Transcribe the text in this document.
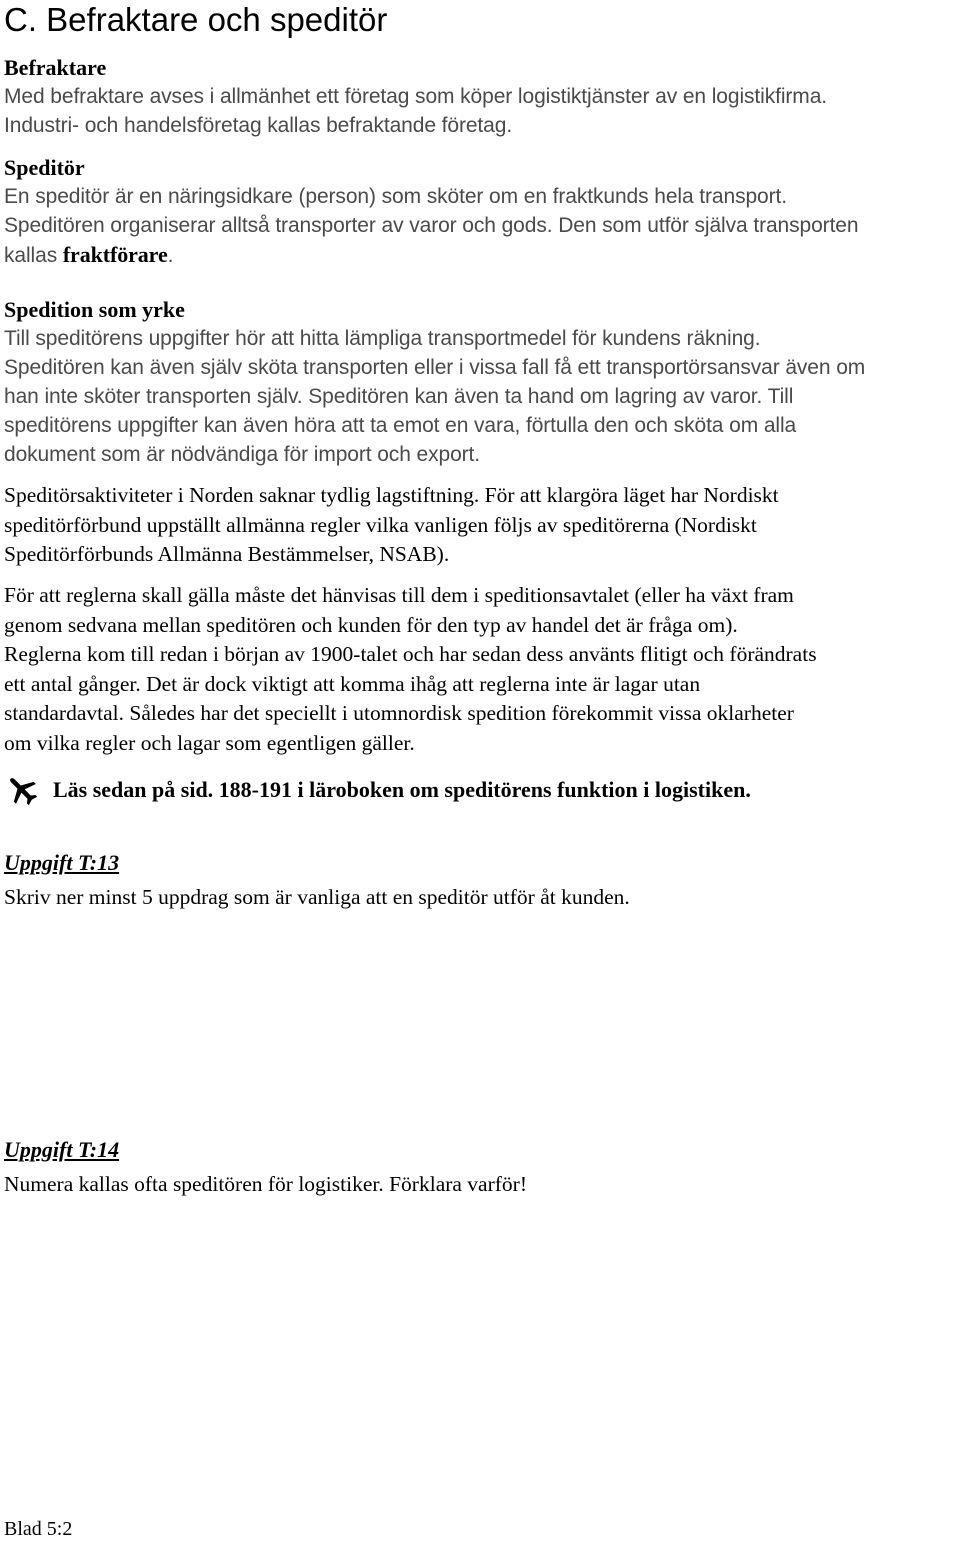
C. Befraktare och speditör
Befraktare

Med befraktare avses i allmänhet ett företag som köper logistiktjänster av en logistikfirma.

Industri- och handelsföretag kallas befraktande företag.

Speditör

En speditör är en näringsidkare (person) som sköter om en fraktkunds hela transport.

Speditören organiserar alltså transporter av varor och gods. Den som utför själva transporten

kallas fraktförare.

Spedition som yrke

Till speditörens uppgifter hör att hitta lämpliga transportmedel för kundens räkning.

Speditören kan även själv sköta transporten eller i vissa fall få ett transportörsansvar även om

han inte sköter transporten själv. Speditören kan även ta hand om lagring av varor. Till

speditörens uppgifter kan även höra att ta emot en vara, förtulla den och sköta om alla

dokument som är nödvändiga för import och export.

Speditörsaktiviteter i Norden saknar tydlig lagstiftning. För att klargöra läget har Nordiskt

speditörförbund uppställt allmänna regler vilka vanligen följs av speditörerna (Nordiskt

Speditörförbunds Allmänna Bestämmelser, NSAB).

För att reglerna skall gälla måste det hänvisas till dem i speditionsavtalet (eller ha växt fram

genom sedvana mellan speditören och kunden för den typ av handel det är fråga om).

Reglerna kom till redan i början av 1900-talet och har sedan dess använts flitigt och förändrats

ett antal gånger. Det är dock viktigt att komma ihåg att reglerna inte är lagar utan

standardavtal. Således har det speciellt i utomnordisk spedition förekommit vissa oklarheter

om vilka regler och lagar som egentligen gäller.

Läs sedan på sid. 188-191 i läroboken om speditörens funktion i logistiken.
Uppgift T:13

Skriv ner minst 5 uppdrag som är vanliga att en speditör utför åt kunden.

Uppgift T:14

Numera kallas ofta speditören för logistiker. Förklara varför!

Blad 5:2
